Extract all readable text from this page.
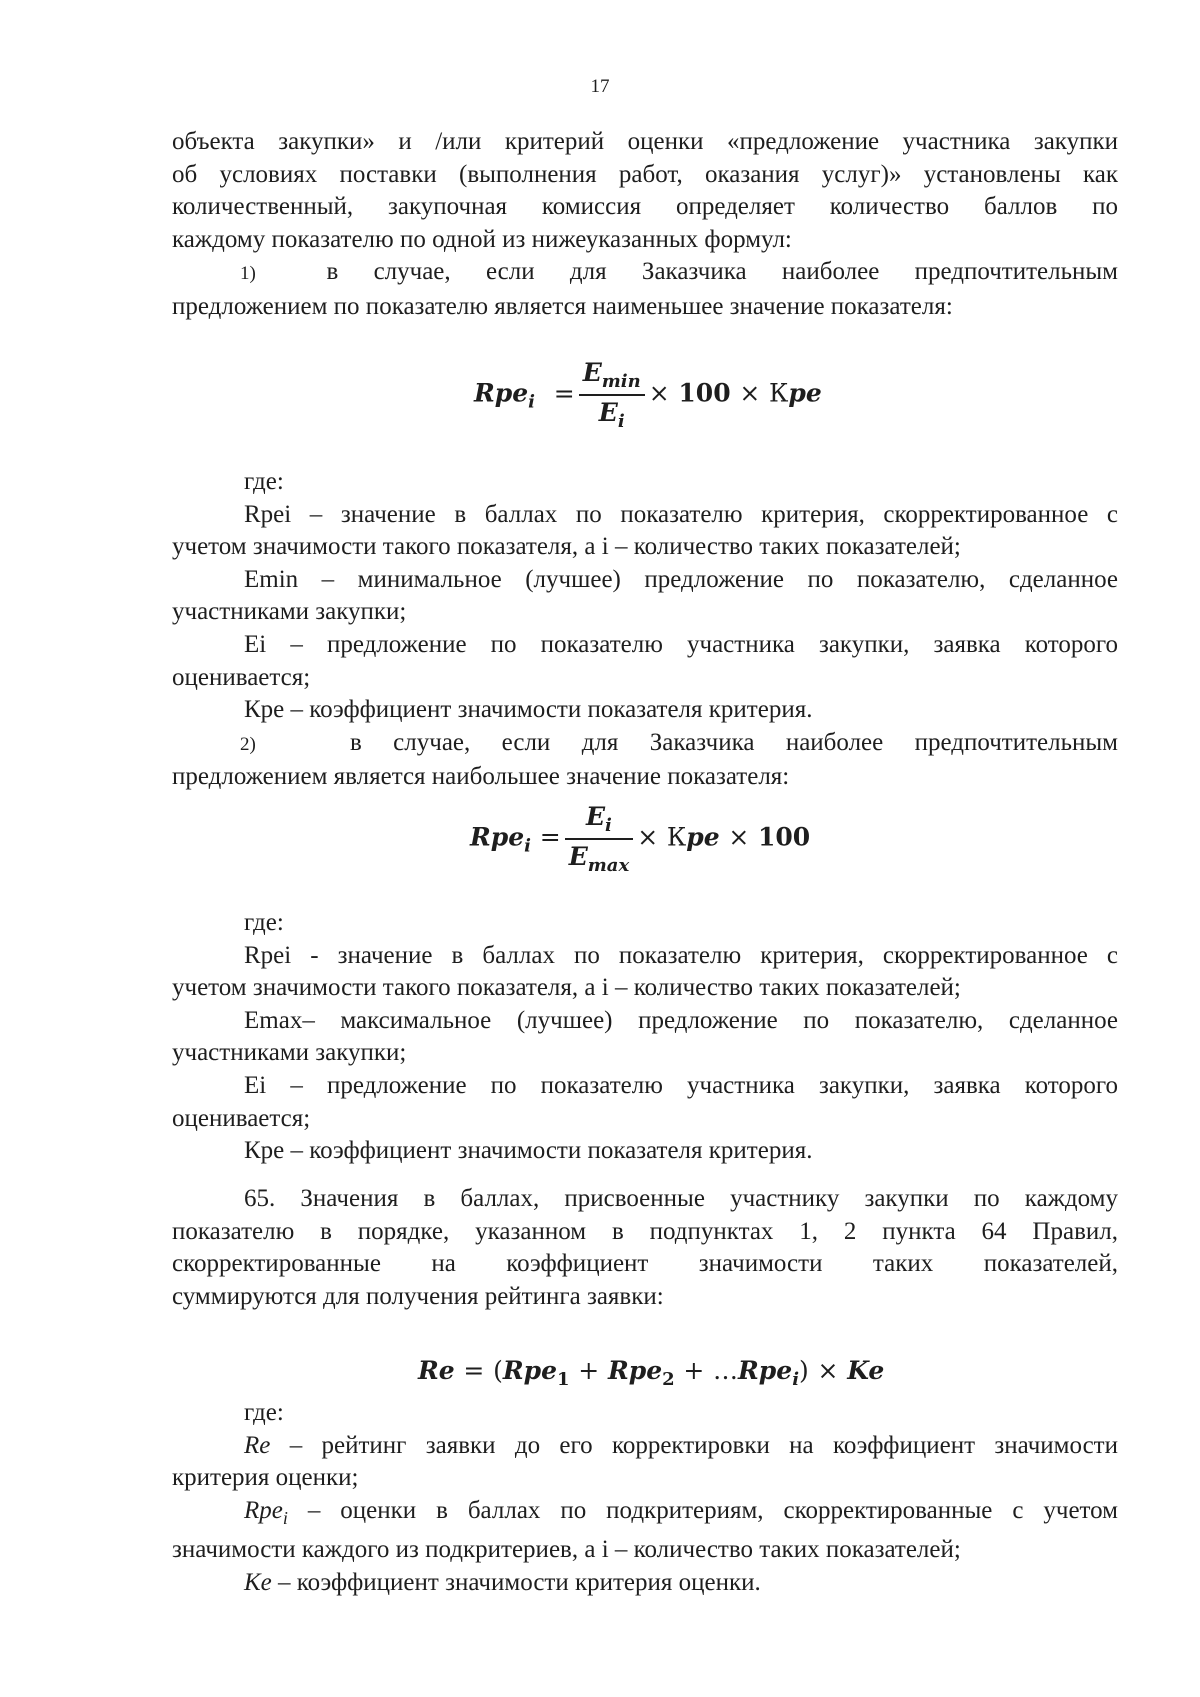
17

объекта закупки» и /или критерий оценки «предложение участника закупки

об условиях поставки (выполнения работ, оказания услуг)» установлены как

количественный, закупочная комиссия определяет количество баллов по

каждому показателю по одной из нижеуказанных формул:

1)	в случае, если для Заказчика наиболее предпочтительным

предложением по показателю является наименьшее значение показателя:

$Rpe_i = \frac{E_{min}}{E_i} \times 100$ × Кpe

где:

Rpei – значение в баллах по показателю критерия, скорректированное с

учетом значимости такого показателя, а i – количество таких показателей;

Emin – минимальное (лучшее) предложение по показателю, сделанное

участниками закупки;

Ei – предложение по показателю участника закупки, заявка которого

оценивается;

Кре – коэффициент значимости показателя критерия.

2)	в случае, если для Заказчика наиболее предпочтительным

предложением является наибольшее значение показателя:

$Rpe_i = \frac{E_i}{E_{max}}$ × Кpe × 100

где:

Rpei - значение в баллах по показателю критерия, скорректированное с

учетом значимости такого показателя, а i – количество таких показателей;

Emax– максимальное (лучшее) предложение по показателю, сделанное

участниками закупки;

Ei – предложение по показателю участника закупки, заявка которого

оценивается;

Кре – коэффициент значимости показателя критерия.

65. Значения в баллах, присвоенные участнику закупки по каждому

показателю в порядке, указанном в подпунктах 1, 2 пункта 64 Правил,

скорректированные на коэффициент значимости таких показателей,

суммируются для получения рейтинга заявки:

Re = (Rpe$_1$ + Rpe$_2$ + …Rpe$_i$) × Ke

где:

Re – рейтинг заявки до его корректировки на коэффициент значимости

критерия оценки;

Rpe$_i$ – оценки в баллах по подкритериям, скорректированные с учетом

значимости каждого из подкритериев, а i – количество таких показателей;

Ke – коэффициент значимости критерия оценки.
